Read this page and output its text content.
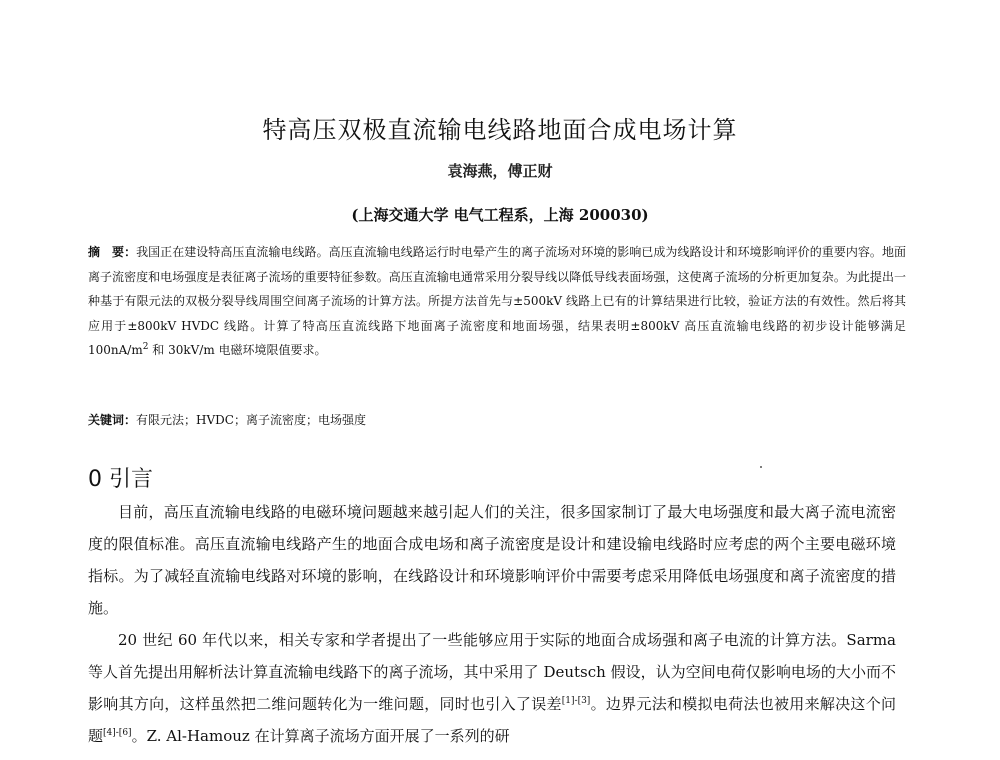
特高压双极直流输电线路地面合成电场计算
袁海燕，傅正财
(上海交通大学 电气工程系，上海 200030)
摘　要：我国正在建设特高压直流输电线路。高压直流输电线路运行时电晕产生的离子流场对环境的影响已成为线路设计和环境影响评价的重要内容。地面离子流密度和电场强度是表征离子流场的重要特征参数。高压直流输电通常采用分裂导线以降低导线表面场强，这使离子流场的分析更加复杂。为此提出一种基于有限元法的双极分裂导线周围空间离子流场的计算方法。所提方法首先与±500kV 线路上已有的计算结果进行比较，验证方法的有效性。然后将其应用于±800kV HVDC 线路。计算了特高压直流线路下地面离子流密度和地面场强，结果表明±800kV 高压直流输电线路的初步设计能够满足 $100nA/m^2$ 和 30kV/m 电磁环境限值要求。
关键词：有限元法；HVDC；离子流密度；电场强度
0 引言

目前，高压直流输电线路的电磁环境问题越来越引起人们的关注，很多国家制订了最大电场强度和最大离子流电流密度的限值标准。高压直流输电线路产生的地面合成电场和离子流密度是设计和建设输电线路时应考虑的两个主要电磁环境指标。为了减轻直流输电线路对环境的影响，在线路设计和环境影响评价中需要考虑采用降低电场强度和离子流密度的措施。

20 世纪 60 年代以来，相关专家和学者提出了一些能够应用于实际的地面合成场强和离子电流的计算方法。Sarma 等人首先提出用解析法计算直流输电线路下的离子流场，其中采用了 Deutsch 假设，认为空间电荷仅影响电场的大小而不影响其方向，这样虽然把二维问题转化为一维问题，同时也引入了误差[1]-[3]。边界元法和模拟电荷法也被用来解决这个问题[4]-[6]。Z. Al-Hamouz 在计算离子流场方面开展了一系列的研
